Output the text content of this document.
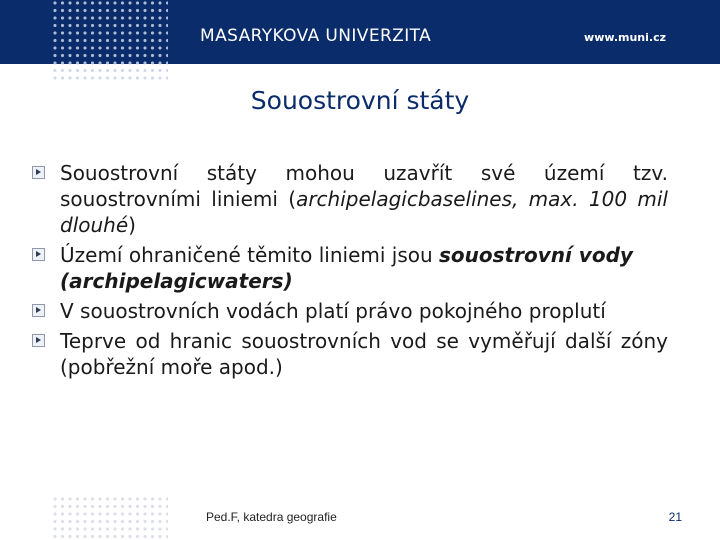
MASARYKOVA UNIVERZITA	www.muni.cz
Souostrovní státy
Souostrovní státy mohou uzavřít své území tzv. souostrovními liniemi (archipelagicbaselines, max. 100 mil dlouhé)
Území ohraničené těmito liniemi jsou souostrovní vody (archipelagicwaters)
V souostrovních vodách platí právo pokojného proplutí
Teprve od hranic souostrovních vod se vyměřují další zóny (pobřežní moře apod.)
Ped.F, katedra geografie	21
